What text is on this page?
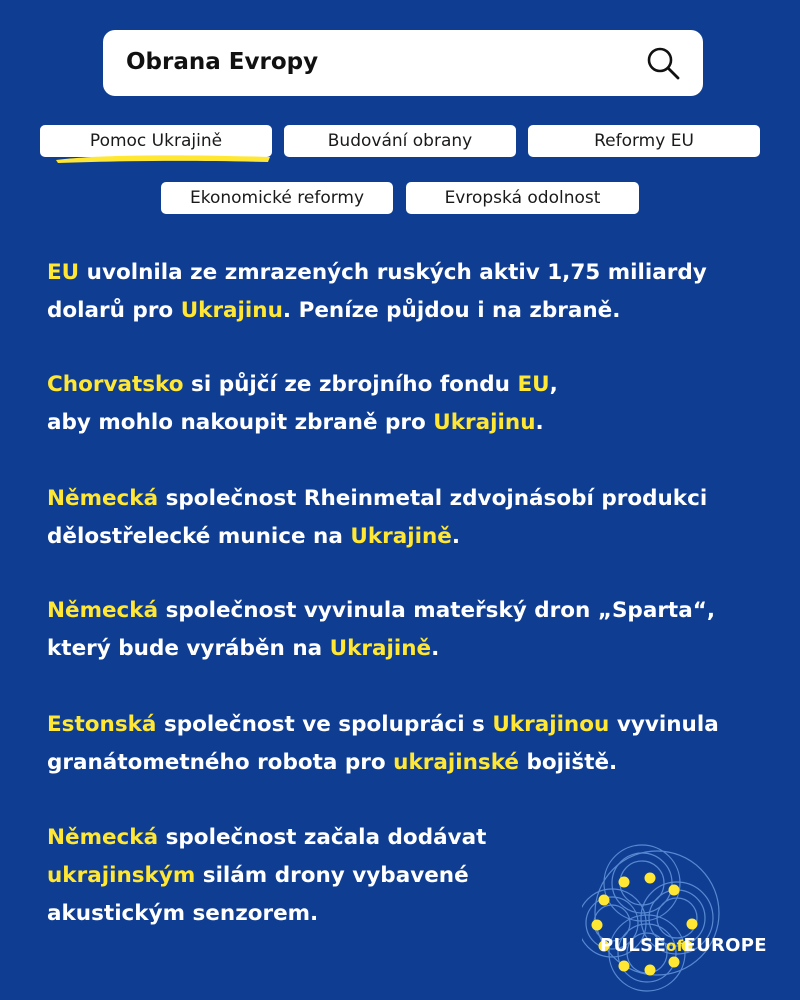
Obrana Evropy
Pomoc Ukrajině	Budování obrany	Reformy EU
Ekonomické reformy	Evropská odolnost
EU uvolnila ze zmrazených ruských aktiv 1,75 miliardy
dolarů pro Ukrajinu. Peníze půjdou i na zbraně.
Chorvatsko si půjčí ze zbrojního fondu EU,
aby mohlo nakoupit zbraně pro Ukrajinu.
Německá společnost Rheinmetal zdvojnásobí produkci
dělostřelecké munice na Ukrajině.
Německá společnost vyvinula mateřský dron „Sparta“,
který bude vyráběn na Ukrajině.
Estonská společnost ve spolupráci s Ukrajinou vyvinula
granátometného robota pro ukrajinské bojiště.
Německá společnost začala dodávat
ukrajinským silám drony vybavené
akustickým senzorem.
PULSEofEUROPE
